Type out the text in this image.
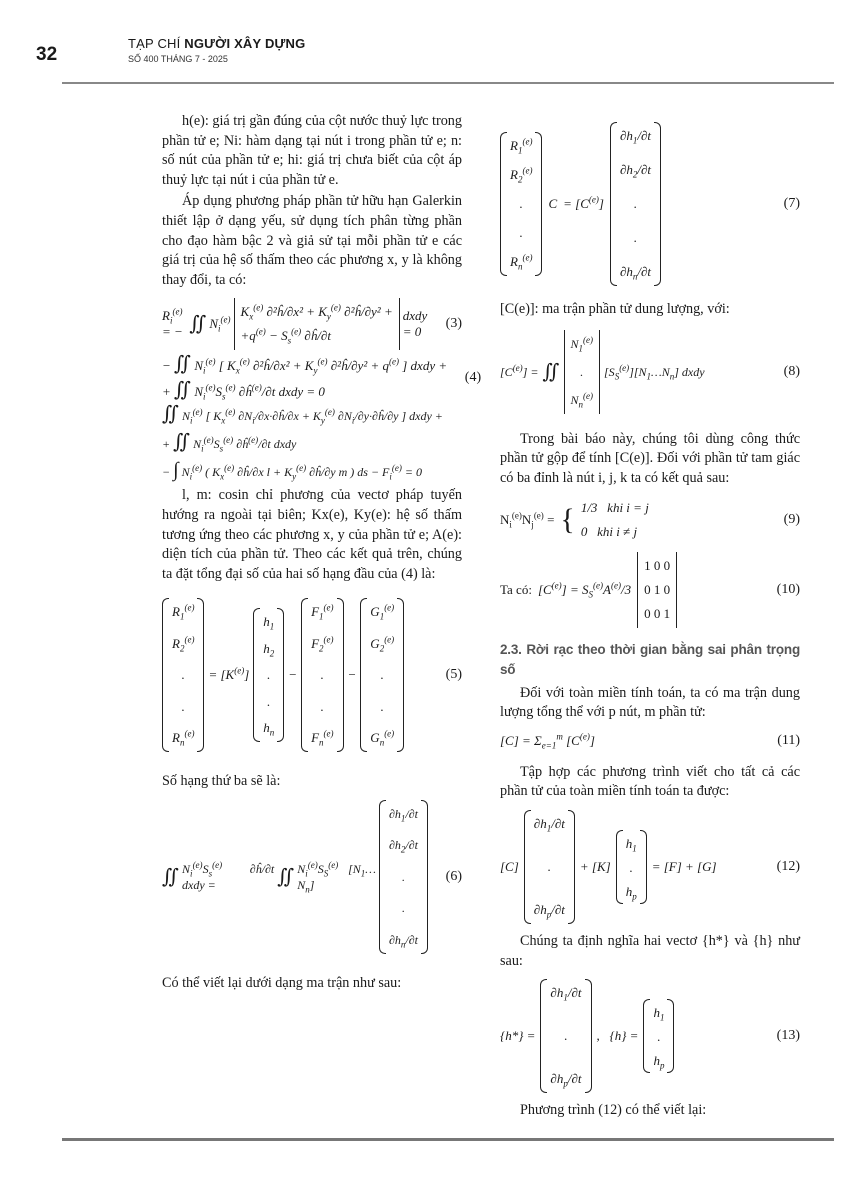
32
TẠP CHÍ NGƯỜI XÂY DỰNG
SỐ 400 THÁNG 7 - 2025

h(e): giá trị gần đúng của cột nước thuỷ lực trong phần tử e; Ni: hàm dạng tại nút i trong phần tử e; n: số nút của phần tử e; hi: giá trị chưa biết của cột áp thuỷ lực tại nút i của phần tử e.

Áp dụng phương pháp phần tử hữu hạn Galerkin thiết lập ở dạng yếu, sử dụng tích phân từng phần cho đạo hàm bậc 2 và giả sử tại mỗi phần tử e các giá trị của hệ số thấm theo các phương x, y là không thay đổi, ta có:

$R_i^{(e)}$ = − ∬ $N_i^{(e)}$
$K_x^{(e)}$ ∂²ĥ/∂x² + $K_y^{(e)}$ ∂²ĥ/∂y² +
$+q^{(e)} - S_s^{(e)}$ ∂ĥ/∂t
dxdy = 0
(3)
− ∬ $N_i^{(e)}$ [ $K_x^{(e)}$ ∂²ĥ/∂x² + $K_y^{(e)}$ ∂²ĥ/∂y² + $q^{(e)}$ ] dxdy +
+ ∬ $N_i^{(e)}S_s^{(e)}$ $\partial ĥ^{(e)}/\partial t$ dxdy = 0
(4)
∬ $N_i^{(e)}$ [ $K_x^{(e)}$ $\partial N_i/\partial x\cdot\partial ĥ/\partial x + K_y^{(e)}$ $\partial N_i/\partial y\cdot\partial ĥ/\partial y$ ] dxdy +
+ ∬ $N_i^{(e)}S_s^{(e)}$ $\partial ĥ^{(e)}/\partial t$ dxdy
− ∫ $N_i^{(e)}$ ( $K_x^{(e)}$ ∂ĥ/∂x $l + K_y^{(e)}$ ∂ĥ/∂y m ) ds − $F_i^{(e)} = 0$

l, m: cosin chỉ phương của vectơ pháp tuyến hướng ra ngoài tại biên; Kx(e), Ky(e): hệ số thấm tương ứng theo các phương x, y của phần tử e; A(e): diện tích của phần tử. Theo các kết quả trên, chúng ta đặt tổng đại số của hai số hạng đầu của (4) là:

$R_1^{(e)}$
$R_2^{(e)}$
.
.
$R_n^{(e)}$
= $[K^{(e)}]$
$h_1$
$h_2$
.
.
$h_n$
−
$F_1^{(e)}$
$F_2^{(e)}$
.
.
$F_n^{(e)}$
−
$G_1^{(e)}$
$G_2^{(e)}$
.
.
$G_n^{(e)}$
(5)

Số hạng thứ ba sẽ là:

∬ $N_i^{(e)}S_s^{(e)}$ ∂ĥ/∂t dxdy =	∬ $N_i^{(e)}S_S^{(e)}$ $[N_1\dots N_n]$
$\partial h_1/\partial t$
$\partial h_2/\partial t$
.
.
$\partial h_n/\partial t$
(6)

Có thể viết lại dưới dạng ma trận như sau:

$R_1^{(e)}$
$R_2^{(e)}$
.
.
$R_n^{(e)}$
$C = [C^{(e)}]$
$\partial h_1/\partial t$
$\partial h_2/\partial t$
.
.
$\partial h_n/\partial t$
(7)

[C(e)]: ma trận phần tử dung lượng, với:

$[C^{(e)}]$ = ∬
$N_1^{(e)}$
.
$N_n^{(e)}$
$[S_S^{(e)}][N_1\dots N_n]$ dxdy	(8)

Trong bài báo này, chúng tôi dùng công thức phần tử gộp để tính [C(e)]. Đối với phần tử tam giác có ba đỉnh là nút i, j, k ta có kết quả sau:

$N_i^{(e)}N_j^{(e)}$ = { 1/3   khi i = j
0   khi i ≠ j
(9)
Ta có: $[C^{(e)}] = S_S^{(e)}A^{(e)}/3$
1 0 0
0 1 0
0 0 1
(10)
2.3. Rời rạc theo thời gian bằng sai phân trọng số

Đối với toàn miền tính toán, ta có ma trận dung lượng tổng thể với p nút, m phần tử:

$[C] = \Sigma_{e=1}^m$ $[C^{(e)}]$	(11)

Tập hợp các phương trình viết cho tất cả các phần tử của toàn miền tính toán ta được:

[C]
$\partial h_1/\partial t$
.
$\partial h_p/\partial t$
+ [K]
$h_1$
.
$h_p$
= [F] + [G]	(12)

Chúng ta định nghĩa hai vectơ {h*} và {h} như sau:

{h*} =
$\partial h_1/\partial t$
.
$\partial h_p/\partial t$
,   {h} =
$h_1$
.
$h_p$
(13)

Phương trình (12) có thể viết lại:
